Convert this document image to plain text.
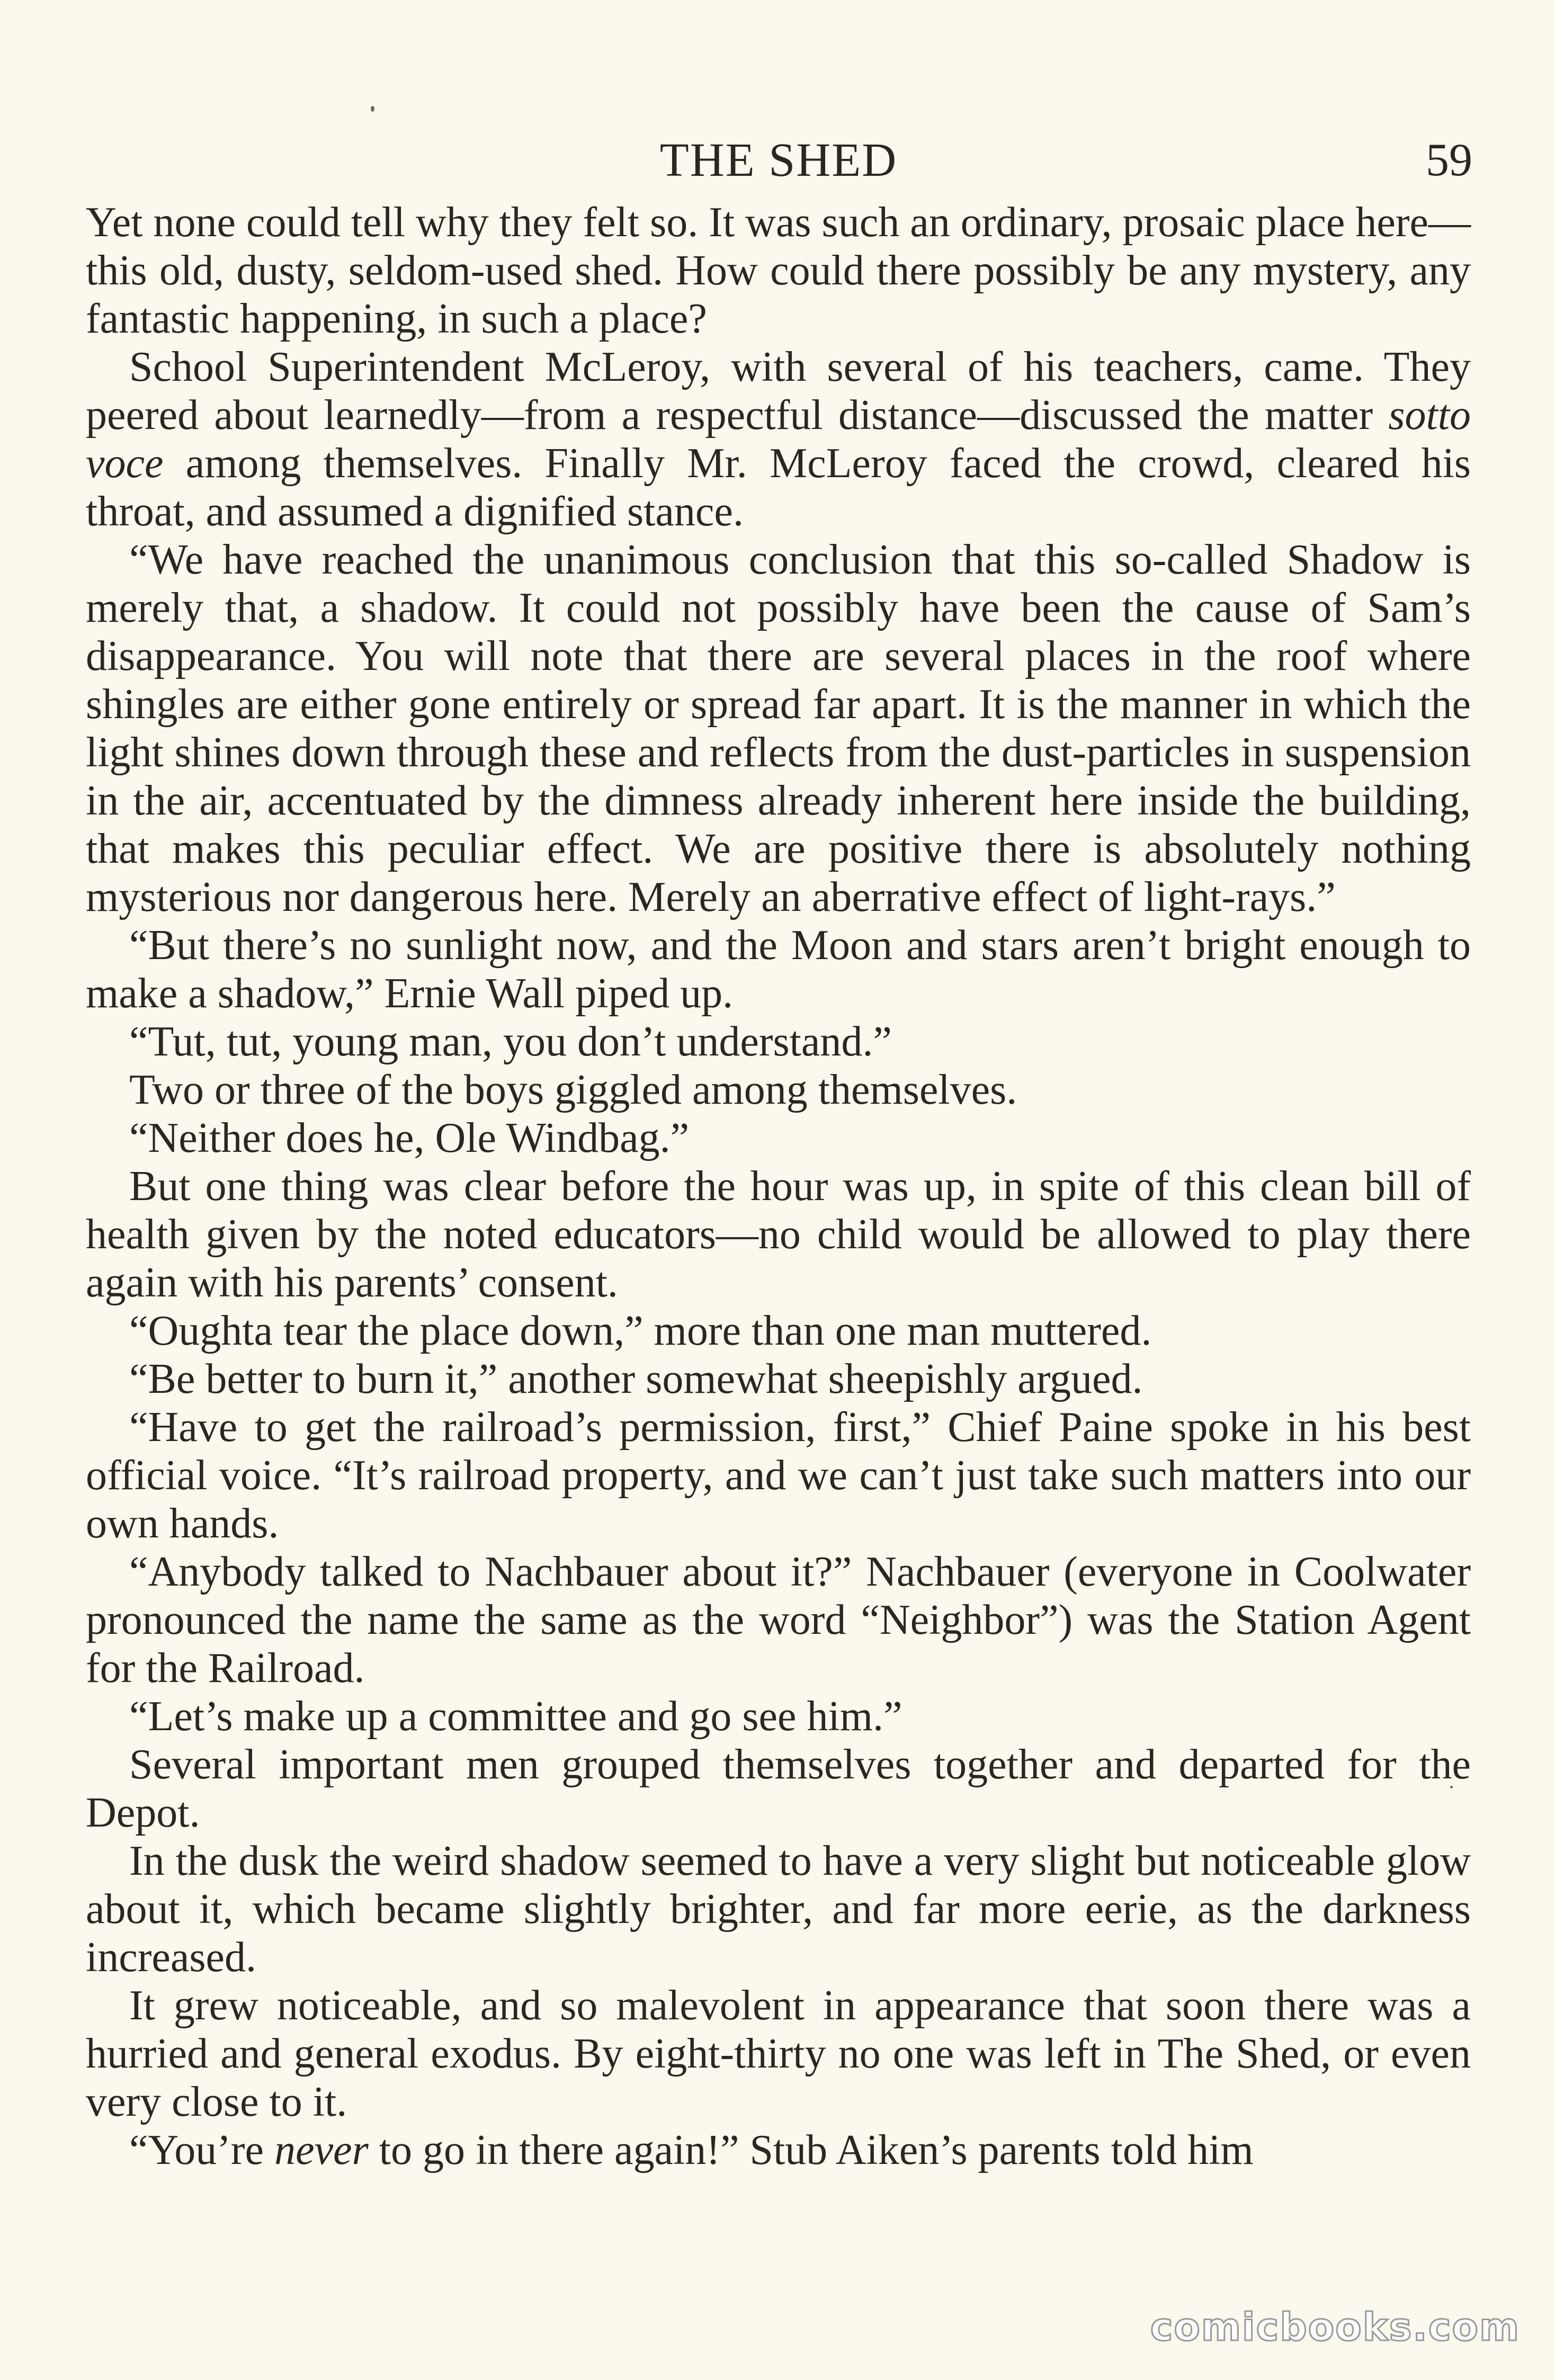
THE SHED	59

Yet none could tell why they felt so. It was such an ordinary, prosaic place here—this old, dusty, seldom-used shed. How could there possibly be any mystery, any fantastic happening, in such a place?

School Superintendent McLeroy, with several of his teachers, came. They peered about learnedly—from a respectful distance—discussed the matter sotto voce among themselves. Finally Mr. McLeroy faced the crowd, cleared his throat, and assumed a dignified stance.

“We have reached the unanimous conclusion that this so-called Shadow is merely that, a shadow. It could not possibly have been the cause of Sam’s disappearance. You will note that there are several places in the roof where shingles are either gone entirely or spread far apart. It is the manner in which the light shines down through these and reflects from the dust-particles in suspension in the air, accentuated by the dimness already inherent here inside the building, that makes this peculiar effect. We are positive there is absolutely nothing mysterious nor dangerous here. Merely an aberrative effect of light-rays.”

“But there’s no sunlight now, and the Moon and stars aren’t bright enough to make a shadow,” Ernie Wall piped up.

“Tut, tut, young man, you don’t understand.”

Two or three of the boys giggled among themselves.

“Neither does he, Ole Windbag.”

But one thing was clear before the hour was up, in spite of this clean bill of health given by the noted educators—no child would be allowed to play there again with his parents’ consent.

“Oughta tear the place down,” more than one man muttered.

“Be better to burn it,” another somewhat sheepishly argued.

“Have to get the railroad’s permission, first,” Chief Paine spoke in his best official voice. “It’s railroad property, and we can’t just take such matters into our own hands.

“Anybody talked to Nachbauer about it?” Nachbauer (everyone in Coolwater pronounced the name the same as the word “Neighbor”) was the Station Agent for the Railroad.

“Let’s make up a committee and go see him.”

Several important men grouped themselves together and departed for the Depot.

In the dusk the weird shadow seemed to have a very slight but noticeable glow about it, which became slightly brighter, and far more eerie, as the darkness increased.

It grew noticeable, and so malevolent in appearance that soon there was a hurried and general exodus. By eight-thirty no one was left in The Shed, or even very close to it.

“You’re never to go in there again!” Stub Aiken’s parents told him

comicbooks.com
